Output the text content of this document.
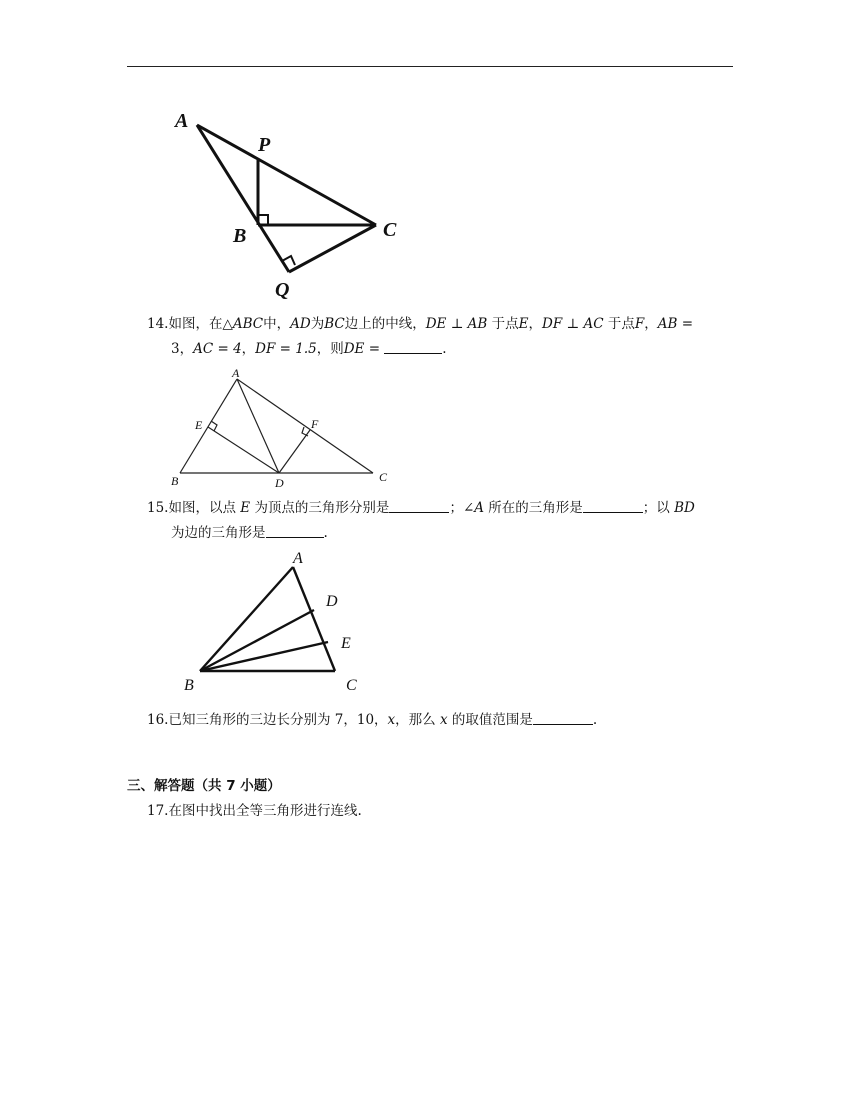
A
P
B	C
Q
14.如图，在△ABC中，AD为BC边上的中线，DE ⊥ AB 于点E，DF ⊥ AC 于点F，AB =
3，AC = 4，DF = 1.5，则DE =	.
A
E	F
B	D	C
15.如图，以点 E 为顶点的三角形分别是	；∠A 所在的三角形是	；以 BD
为边的三角形是	.
A
D
E
B	C
16.已知三角形的三边长分别为 7，10，x，那么 x 的取值范围是	.
三、解答题（共 7 小题）
17.在图中找出全等三角形进行连线.
